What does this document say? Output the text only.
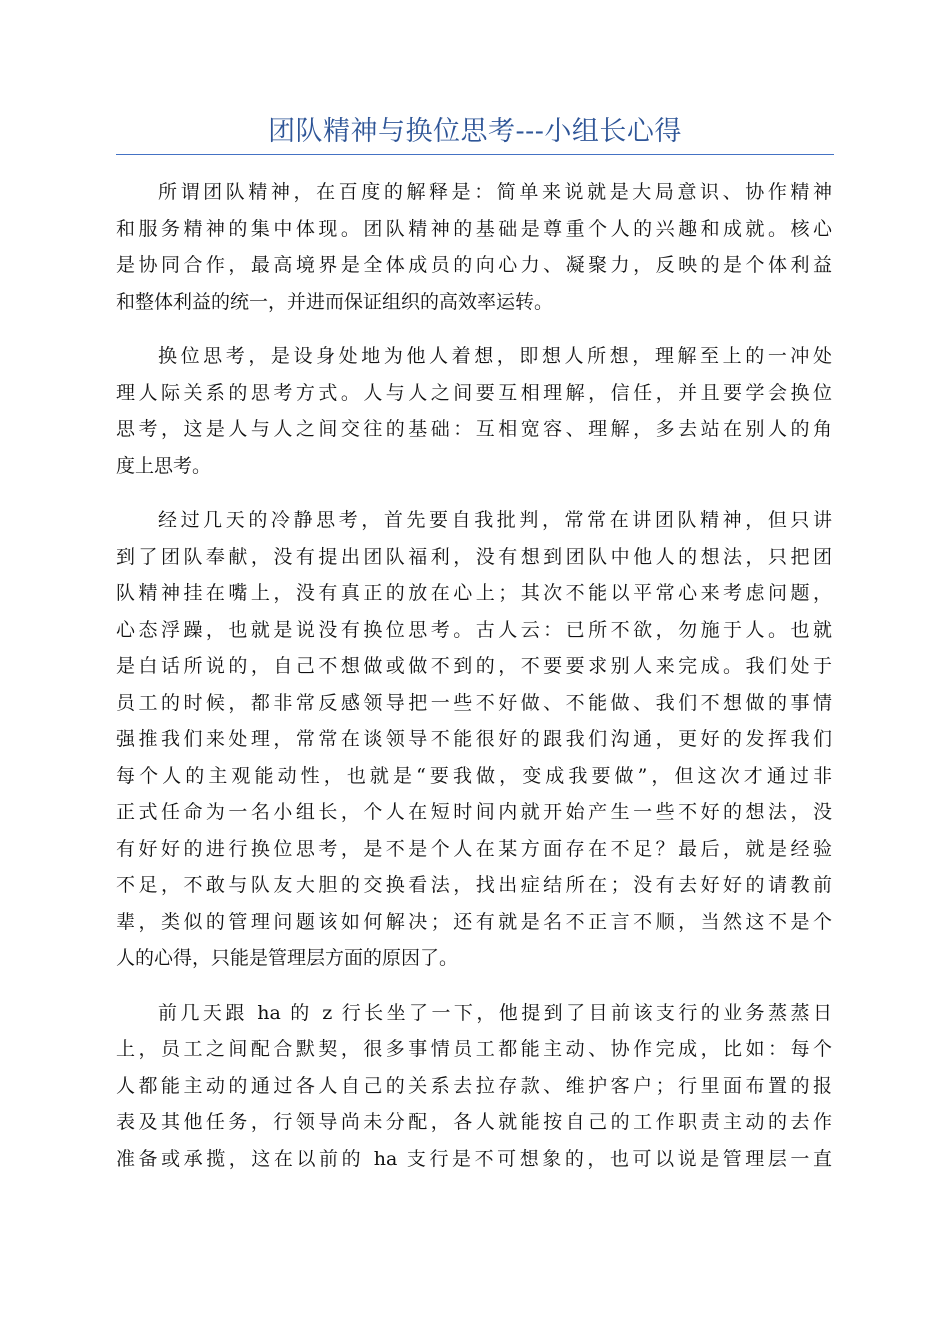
团队精神与换位思考---小组长心得
所谓团队精神，在百度的解释是：简单来说就是大局意识、协作精神
和服务精神的集中体现。团队精神的基础是尊重个人的兴趣和成就。核心
是协同合作，最高境界是全体成员的向心力、凝聚力，反映的是个体利益
和整体利益的统一，并进而保证组织的高效率运转。
换位思考，是设身处地为他人着想，即想人所想，理解至上的一冲处
理人际关系的思考方式。人与人之间要互相理解，信任，并且要学会换位
思考，这是人与人之间交往的基础：互相宽容、理解，多去站在别人的角
度上思考。
经过几天的冷静思考，首先要自我批判，常常在讲团队精神，但只讲
到了团队奉献，没有提出团队福利，没有想到团队中他人的想法，只把团
队精神挂在嘴上，没有真正的放在心上；其次不能以平常心来考虑问题，
心态浮躁，也就是说没有换位思考。古人云：已所不欲，勿施于人。也就
是白话所说的，自己不想做或做不到的，不要要求别人来完成。我们处于
员工的时候，都非常反感领导把一些不好做、不能做、我们不想做的事情
强推我们来处理，常常在谈领导不能很好的跟我们沟通，更好的发挥我们
每个人的主观能动性，也就是“要我做，变成我要做”，但这次才通过非
正式任命为一名小组长，个人在短时间内就开始产生一些不好的想法，没
有好好的进行换位思考，是不是个人在某方面存在不足？最后，就是经验
不足，不敢与队友大胆的交换看法，找出症结所在；没有去好好的请教前
辈，类似的管理问题该如何解决；还有就是名不正言不顺，当然这不是个
人的心得，只能是管理层方面的原因了。
前几天跟 ha 的 z 行长坐了一下，他提到了目前该支行的业务蒸蒸日
上，员工之间配合默契，很多事情员工都能主动、协作完成，比如：每个
人都能主动的通过各人自己的关系去拉存款、维护客户；行里面布置的报
表及其他任务，行领导尚未分配，各人就能按自己的工作职责主动的去作
准备或承揽，这在以前的 ha 支行是不可想象的，也可以说是管理层一直
